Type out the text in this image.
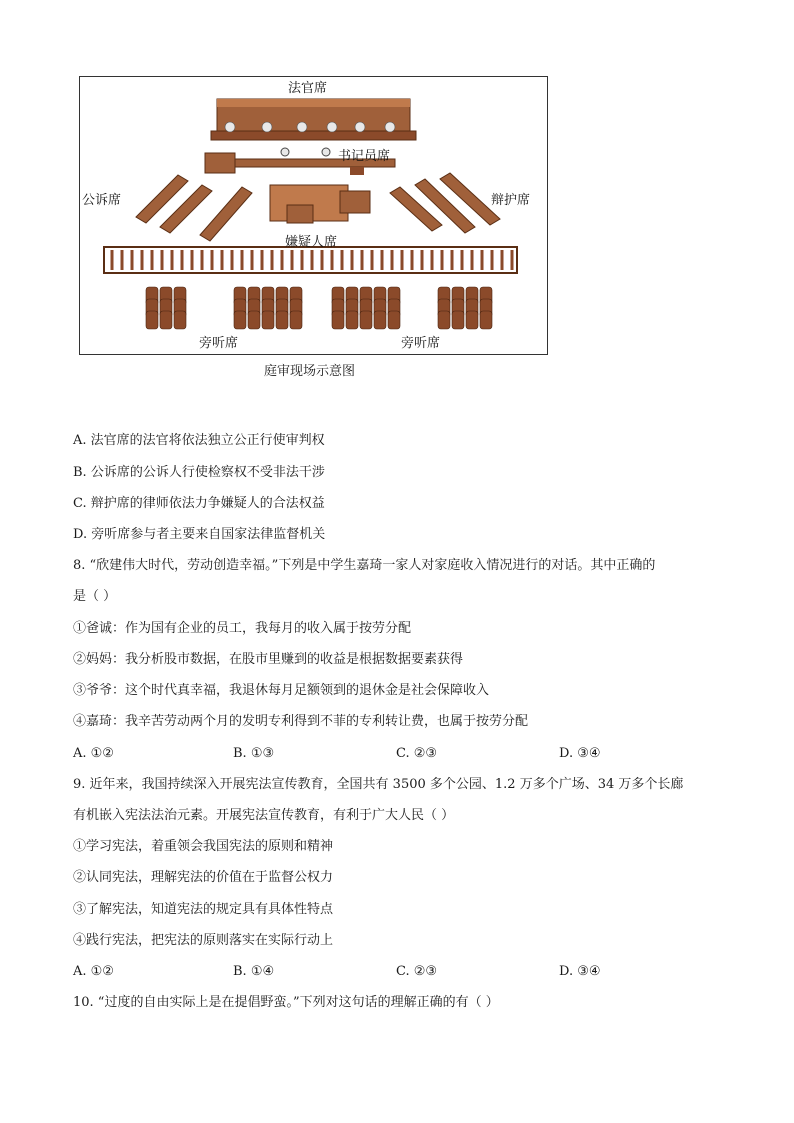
法官席
书记员席
公诉席	辩护席
嫌疑人席
旁听席	旁听席
庭审现场示意图
A. 法官席的法官将依法独立公正行使审判权
B. 公诉席的公诉人行使检察权不受非法干涉
C. 辩护席的律师依法力争嫌疑人的合法权益
D. 旁听席参与者主要来自国家法律监督机关
8. “欣建伟大时代，劳动创造幸福。”下列是中学生嘉琦一家人对家庭收入情况进行的对话。其中正确的
是（ ）
①爸诚：作为国有企业的员工，我每月的收入属于按劳分配
②妈妈：我分析股市数据，在股市里赚到的收益是根据数据要素获得
③爷爷：这个时代真幸福，我退休每月足额领到的退休金是社会保障收入
④嘉琦：我辛苦劳动两个月的发明专利得到不菲的专利转让费，也属于按劳分配
A. ①②	B. ①③	C. ②③	D. ③④
9. 近年来，我国持续深入开展宪法宣传教育，全国共有 3500 多个公园、1.2 万多个广场、34 万多个长廊
有机嵌入宪法法治元素。开展宪法宣传教育，有利于广大人民（ ）
①学习宪法，着重领会我国宪法的原则和精神
②认同宪法，理解宪法的价值在于监督公权力
③了解宪法，知道宪法的规定具有具体性特点
④践行宪法，把宪法的原则落实在实际行动上
A. ①②	B. ①④	C. ②③	D. ③④
10. “过度的自由实际上是在提倡野蛮。”下列对这句话的理解正确的有（ ）
